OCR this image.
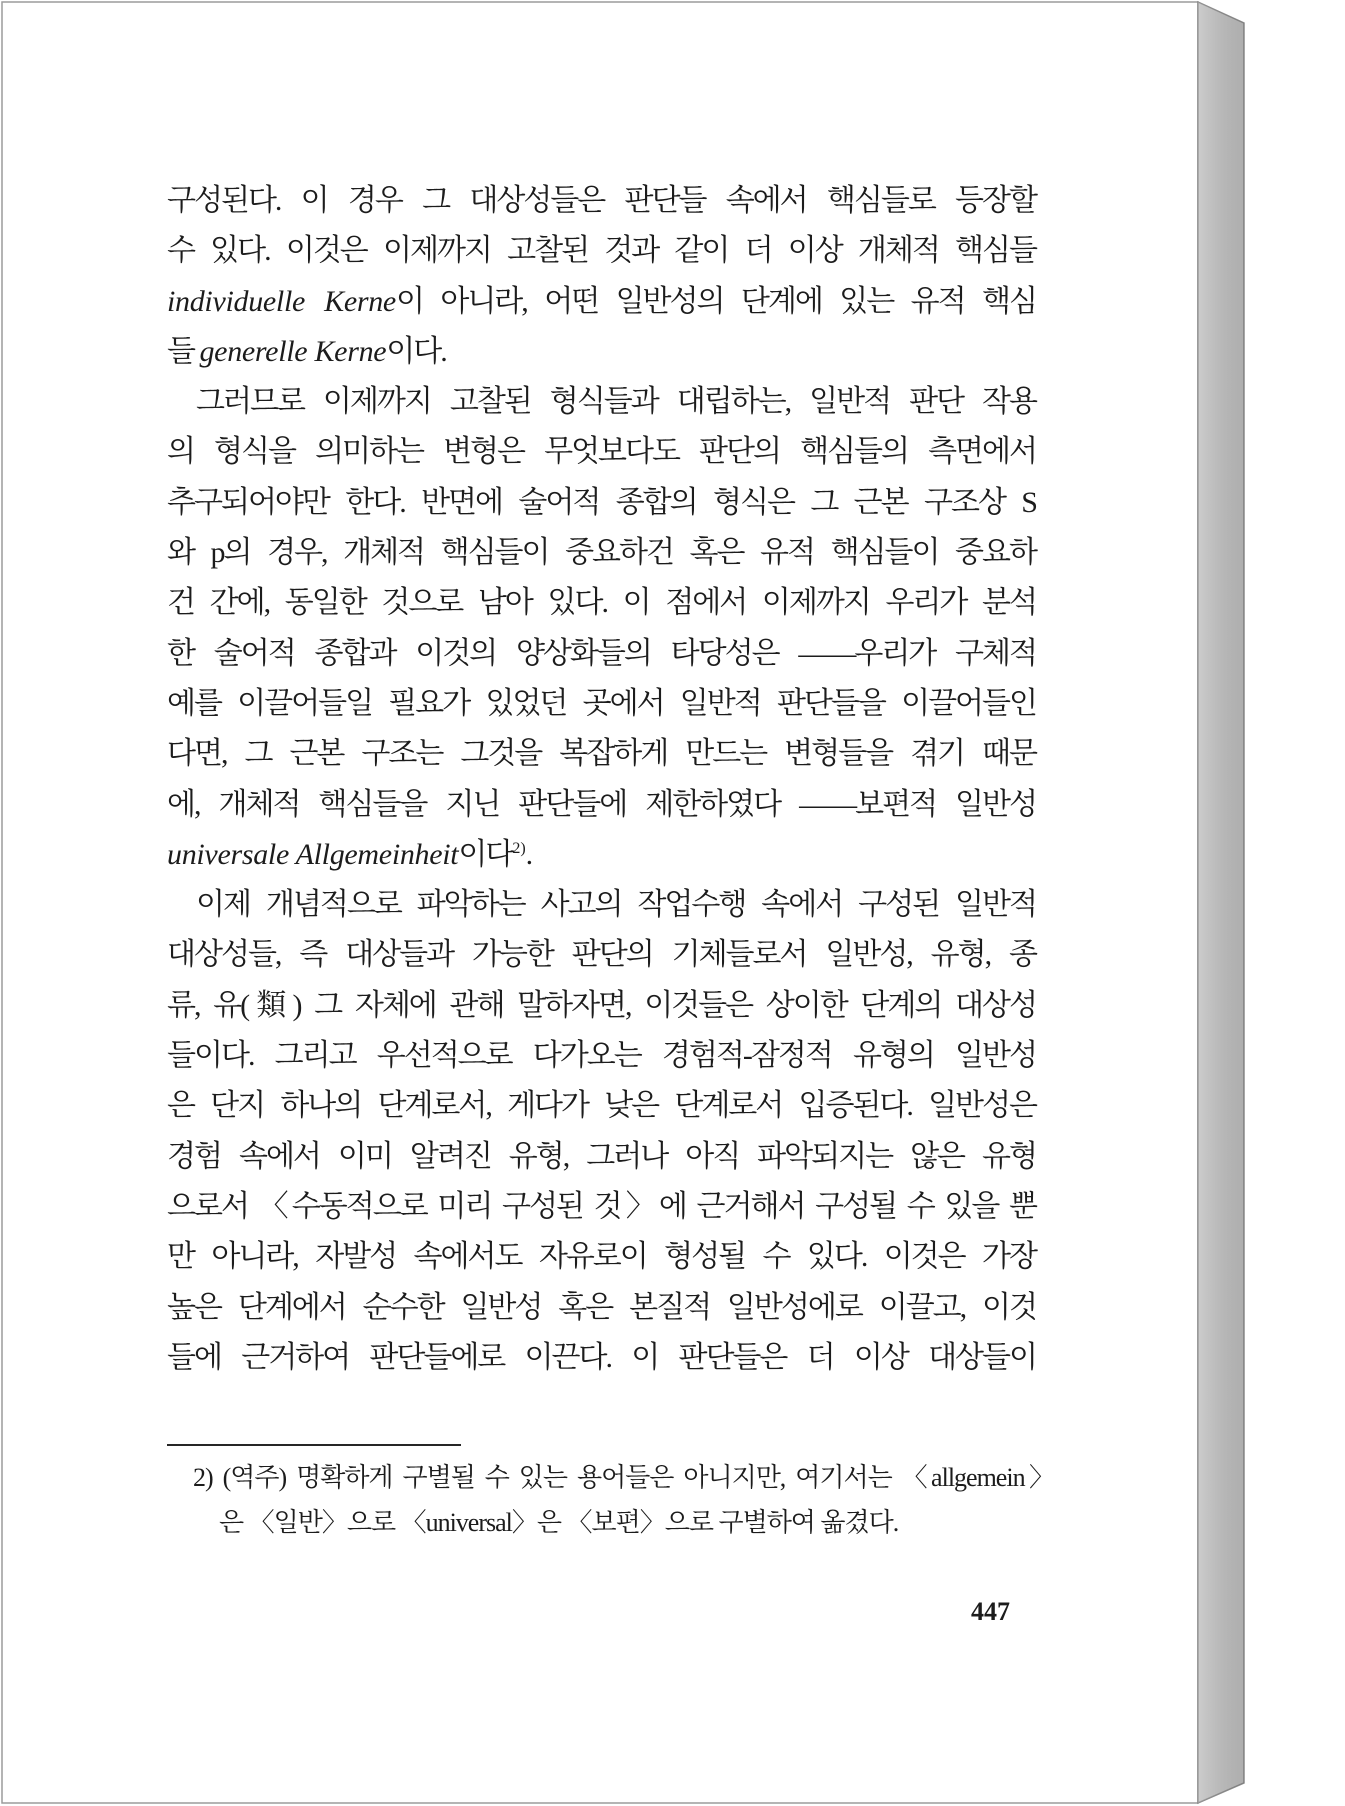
구성된다. 이 경우 그 대상성들은 판단들 속에서 핵심들로 등장할
수 있다. 이것은 이제까지 고찰된 것과 같이 더 이상 개체적 핵심들
individuelle Kerne이 아니라, 어떤 일반성의 단계에 있는 유적 핵심
들 generelle Kerne이다.
그러므로 이제까지 고찰된 형식들과 대립하는, 일반적 판단 작용
의 형식을 의미하는 변형은 무엇보다도 판단의 핵심들의 측면에서
추구되어야만 한다. 반면에 술어적 종합의 형식은 그 근본 구조상 S
와 p의 경우, 개체적 핵심들이 중요하건 혹은 유적 핵심들이 중요하
건 간에, 동일한 것으로 남아 있다. 이 점에서 이제까지 우리가 분석
한 술어적 종합과 이것의 양상화들의 타당성은 ——우리가 구체적
예를 이끌어들일 필요가 있었던 곳에서 일반적 판단들을 이끌어들인
다면, 그 근본 구조는 그것을 복잡하게 만드는 변형들을 겪기 때문
에, 개체적 핵심들을 지닌 판단들에 제한하였다 ——보편적 일반성
universale Allgemeinheit이다$^{2)}$.
이제 개념적으로 파악하는 사고의 작업수행 속에서 구성된 일반적
대상성들, 즉 대상들과 가능한 판단의 기체들로서 일반성, 유형, 종
류, 유(類) 그 자체에 관해 말하자면, 이것들은 상이한 단계의 대상성
들이다. 그리고 우선적으로 다가오는 경험적-잠정적 유형의 일반성
은 단지 하나의 단계로서, 게다가 낮은 단계로서 입증된다. 일반성은
경험 속에서 이미 알려진 유형, 그러나 아직 파악되지는 않은 유형
으로서 〈수동적으로 미리 구성된 것〉에 근거해서 구성될 수 있을 뿐
만 아니라, 자발성 속에서도 자유로이 형성될 수 있다. 이것은 가장
높은 단계에서 순수한 일반성 혹은 본질적 일반성에로 이끌고, 이것
들에 근거하여 판단들에로 이끈다. 이 판단들은 더 이상 대상들이
2) (역주) 명확하게 구별될 수 있는 용어들은 아니지만, 여기서는 〈allgemein〉
은 〈일반〉으로 〈universal〉은 〈보편〉으로 구별하여 옮겼다.
447
